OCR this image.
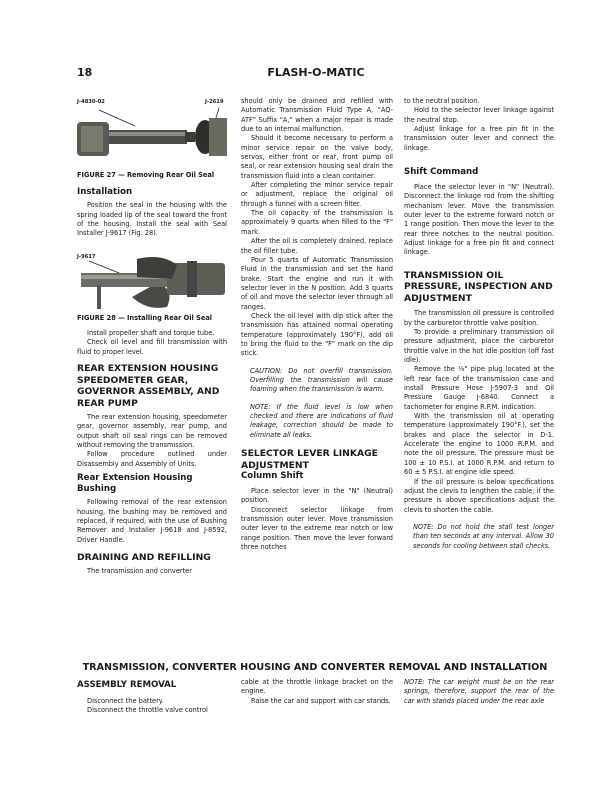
18	FLASH-O-MATIC
J-4830-02	J-2619
FIGURE 27 — Removing Rear Oil Seal
Installation

Position the seal in the housing with the spring loaded lip of the seal toward the front of the housing. Install the seal with Seal Installer J-9617 (Fig. 28).

J-9617
FIGURE 28 — Installing Rear Oil Seal

Install propeller shaft and torque tube.

Check oil level and fill transmission with fluid to proper level.

REAR EXTENSION HOUSING SPEEDOMETER GEAR, GOVERNOR ASSEMBLY, AND REAR PUMP

The rear extension housing, speedometer gear, governor assembly, rear pump, and output shaft oil seal rings can be removed without removing the transmission.

Follow procedure outlined under Disassembly and Assembly of Units.

Rear Extension Housing Bushing

Following removal of the rear extension housing, the bushing may be removed and replaced, if required, with the use of Bushing Remover and Installer J-9618 and J-8592, Driver Handle.

DRAINING AND REFILLING

The transmission and converter

should only be drained and refilled with Automatic Transmission Fluid Type A, "AQ-ATF" Suffix "A," when a major repair is made due to an internal malfunction.

Should it become necessary to perform a minor service repair on the valve body, servos, either front or rear, front pump oil seal, or rear extension housing seal drain the transmission fluid into a clean container.

After completing the minor service repair or adjustment, replace the original oil through a funnel with a screen filter.

The oil capacity of the transmission is approximately 9 quarts when filled to the "F" mark.

After the oil is completely drained, replace the oil filler tube.

Pour 5 quarts of Automatic Transmission Fluid in the transmission and set the hand brake. Start the engine and run it with selector lever in the N position. Add 3 quarts of oil and move the selector lever through all ranges.

Check the oil level with dip stick after the transmission has attained normal operating temperature (approximately 190°F), add oil to bring the fluid to the "F" mark on the dip stick.

CAUTION: Do not overfill transmission. Overfilling the transmission will cause foaming when the transmission is warm.

NOTE: If the fluid level is low when checked and there are indications of fluid leakage, correction should be made to eliminate all leaks.

SELECTOR LEVER LINKAGE ADJUSTMENT
Column Shift

Place selector lever in the "N" (Neutral) position.

Disconnect selector linkage from transmission outer lever. Move transmission outer lever to the extreme rear notch or low range position. Then move the lever forward three notches

to the neutral position.

Hold to the selector lever linkage against the neutral stop.

Adjust linkage for a free pin fit in the transmission outer lever and connect the linkage.

Shift Command

Place the selector lever in "N" (Neutral). Disconnect the linkage rod from the shifting mechanism lever. Move the transmission outer lever to the extreme forward notch or 1 range position. Then move the lever to the rear three notches to the neutral position. Adjust linkage for a free pin fit and connect linkage.

TRANSMISSION OIL PRESSURE, INSPECTION AND ADJUSTMENT

The transmission oil pressure is controlled by the carburetor throttle valve position.

To provide a preliminary transmission oil pressure adjustment, place the carburetor throttle valve in the hot idle position (off fast idle).

Remove the ⅛" pipe plug located at the left rear face of the transmission case and install Pressure Hose J-5907-3 and Oil Pressure Gauge J-6840. Connect a tachometer for engine R.P.M. indication.

With the transmission oil at operating temperature (approximately 190°F.), set the brakes and place the selector in D-1. Accelerate the engine to 1000 R.P.M. and note the oil pressure. The pressure must be 100 ± 10 P.S.I. at 1000 R.P.M. and return to 60 ± 5 P.S.I. at engine idle speed.

If the oil pressure is below specifications adjust the clevis to lengthen the cable; if the pressure is above specifications adjust the clevis to shorten the cable.

NOTE: Do not hold the stall test longer than ten seconds at any interval. Allow 30 seconds for cooling between stall checks.

TRANSMISSION, CONVERTER HOUSING AND CONVERTER REMOVAL AND INSTALLATION
ASSEMBLY REMOVAL

Disconnect the battery.

Disconnect the throttle valve control

cable at the throttle linkage bracket on the engine.

Raise the car and support with car stands.

NOTE: The car weight must be on the rear springs, therefore, support the rear of the car with stands placed under the rear axle
